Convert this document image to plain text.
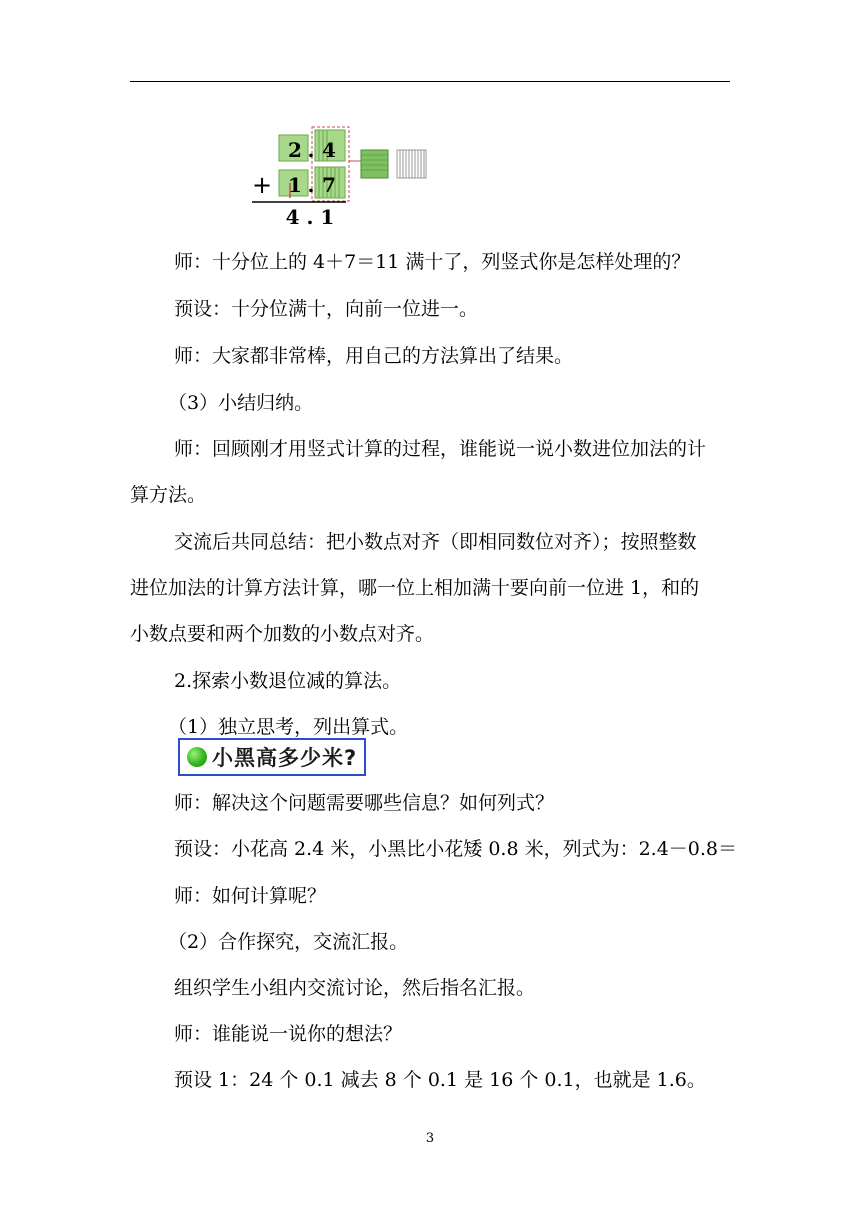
2 . 4
+ 1 . 7
4 . 1
师：十分位上的 4＋7＝11 满十了，列竖式你是怎样处理的？
预设：十分位满十，向前一位进一。
师：大家都非常棒，用自己的方法算出了结果。
（3）小结归纳。
师：回顾刚才用竖式计算的过程，谁能说一说小数进位加法的计
算方法。
交流后共同总结：把小数点对齐（即相同数位对齐）；按照整数
进位加法的计算方法计算，哪一位上相加满十要向前一位进 1，和的
小数点要和两个加数的小数点对齐。
2.探索小数退位减的算法。
（1）独立思考，列出算式。
小黑高多少米?
师：解决这个问题需要哪些信息？如何列式？
预设：小花高 2.4 米，小黑比小花矮 0.8 米，列式为：2.4－0.8＝
师：如何计算呢？
（2）合作探究，交流汇报。
组织学生小组内交流讨论，然后指名汇报。
师：谁能说一说你的想法？
预设 1：24 个 0.1 减去 8 个 0.1 是 16 个 0.1，也就是 1.6。
3
